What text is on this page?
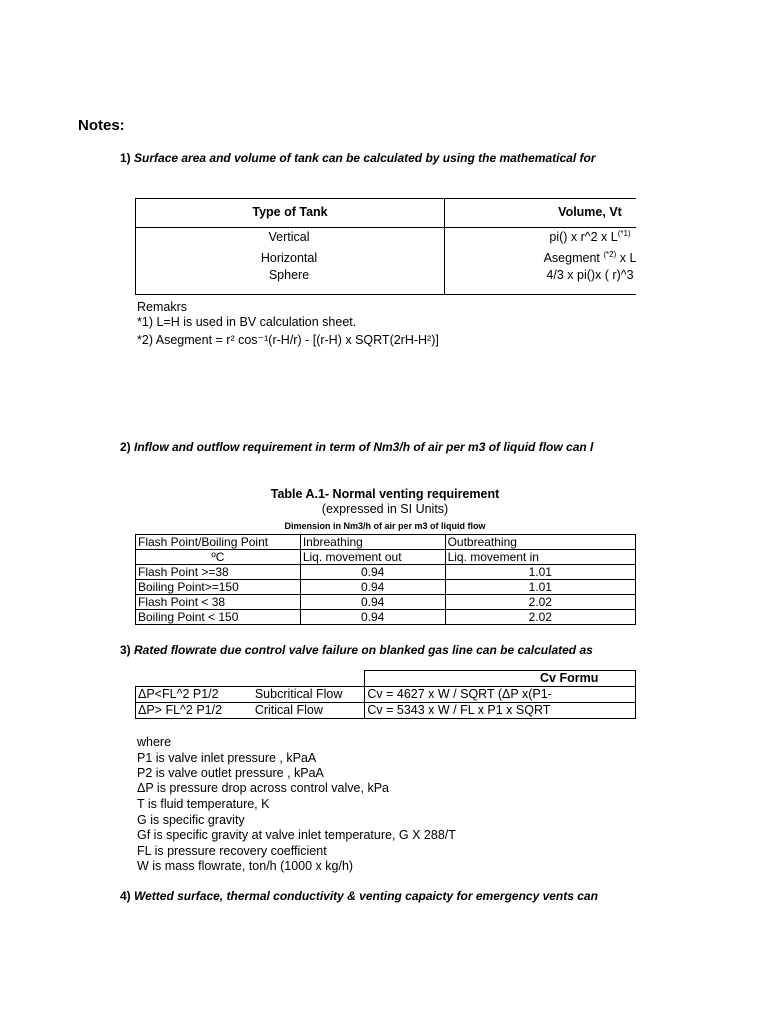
Notes:
1) Surface area and volume of tank can be calculated by using the mathematical for
Type of Tank	Volume, Vt
Vertical	pi() x r^2 x $L^{(*1)}$
Horizontal	Asegment $^{(*2)}$ x L
Sphere	4/3 x pi()x ( r)^3
Remakrs
*1) L=H is used in BV calculation sheet.
*2) Asegment = r² cos⁻¹(r-H/r) - [(r-H) x SQRT(2rH-H²)]
2) Inflow and outflow requirement in term of Nm3/h of air per m3 of liquid flow can l
Table A.1- Normal venting requirement
(expressed in SI Units)
Dimension in Nm3/h of air per m3 of liquid flow
Flash Point/Boiling Point	Inbreathing	Outbreathing
ºC	Liq. movement out	Liq. movement in
Flash Point >=38	0.94	1.01
Boiling Point>=150	0.94	1.01
Flash Point < 38	0.94	2.02
Boiling Point < 150	0.94	2.02
3) Rated flowrate due control valve failure on blanked gas line can be calculated as
		Cv Formu
ΔP<FL^2 P1/2	Subcritical Flow	Cv = 4627 x W / SQRT (ΔP x(P1-
ΔP> FL^2 P1/2	Critical Flow	Cv = 5343 x W / FL x P1 x SQRT
where
P1 is valve inlet pressure , kPaA
P2 is valve outlet pressure , kPaA
ΔP is pressure drop across control valve, kPa
T is fluid temperature, K
G is specific gravity
Gf is specific gravity at valve inlet temperature, G X 288/T
FL is pressure recovery coefficient
W is mass flowrate, ton/h (1000 x kg/h)
4) Wetted surface, thermal conductivity & venting capaicty for emergency vents can
